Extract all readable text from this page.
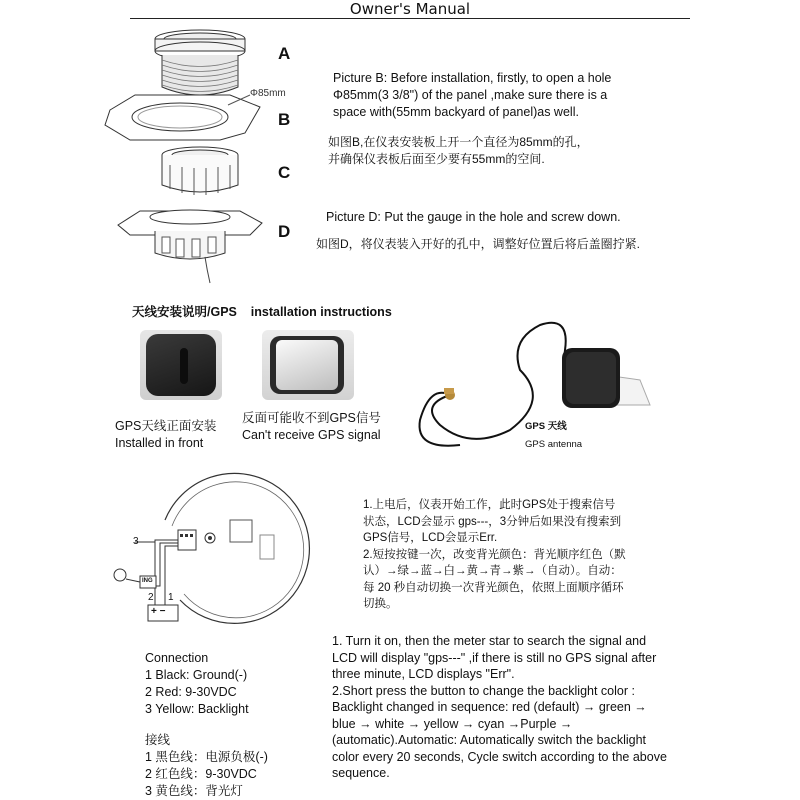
Owner's Manual
Φ85mm
A
B
C
D
Picture B: Before installation, firstly, to open a hole
Φ85mm(3 3/8") of the panel ,make sure there is a
space with(55mm backyard of panel)as well.
如图B,在仪表安装板上开一个直径为85mm的孔，
并确保仪表板后面至少要有55mm的空间.
Picture D: Put the gauge in the hole and screw down.
如图D，将仪表装入开好的孔中，调整好位置后将后盖圈拧紧.
天线安装说明/GPS installation instructions
GPS天线正面安装
Installed in front
反面可能收不到GPS信号
Can't receive GPS signal
GPS 天线
GPS antenna
3
2 1
ING
+ −
1.上电后，仪表开始工作，此时GPS处于搜索信号
状态，LCD会显示 gps---，3分钟后如果没有搜索到
GPS信号，LCD会显示Err.
2.短按按键一次，改变背光颜色：背光顺序红色（默
认）→绿→蓝→白→黄→青→紫→（自动）。自动：
每 20 秒自动切换一次背光颜色，依照上面顺序循环
切换。
Connection
1 Black: Ground(-)
2 Red: 9-30VDC
3 Yellow: Backlight
接线
1 黑色线：电源负极(-)
2 红色线：9-30VDC
3 黄色线：背光灯
1. Turn it on, then the meter star to search the signal and
LCD will display "gps---" ,if there is still no GPS signal after
three minute, LCD displays "Err".
2.Short press the button to change the backlight color :
Backlight changed in sequence: red (default) → green →
blue → white → yellow → cyan →Purple →
(automatic).Automatic: Automatically switch the backlight
color every 20 seconds, Cycle switch according to the above
sequence.
